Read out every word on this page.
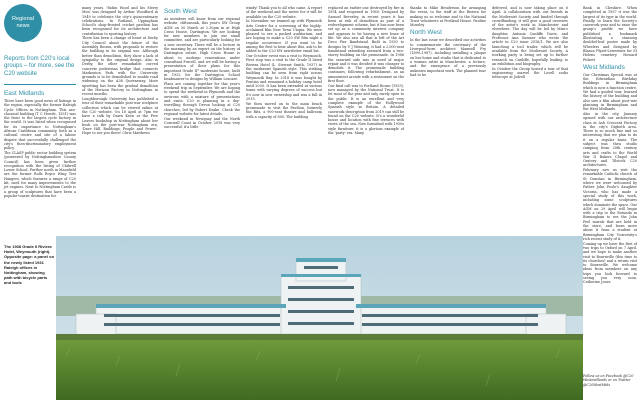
Regional
news
Reports from C20's local groups – for more, see the C20 website
East Midlands

There have been good news of listings in the region, especially the former Raleigh Cycle Offices in Nottingham. This neo-classical building (T C Howitt, 1931) was the front to the largest cycle factory in the world. It was listed when recognised for its importance to Nottingham's African Caribbean community, both as a cultural centre and site of a labour dispute that successfully challenged the city's then-discriminatory employment policy.

The CLASP public sector building system (pioneered by Nottinghamshire County Council) has been given further recognition with the listing of Chilwell Lower School. Further north in Mansfield are the former Rolls Royce Wing Test Hangers, which features a range of C20 kit, used for many improvements to the jet engines. Next to Nottingham Castle is a group of sculptures that have been a popular tourist destination for

The 1938 Grade II Riviera Hotel, Weymouth (right). Opposite page: a panel on the newly listed 1931 Raleigh offices in Nottingham, showing path with bicycle parts and tools

many years. 'Robin Hood and his Merry Men' was designed by Arthur Woodford in 1949 to celebrate the city's quincentenary celebrations. In Rutland, Uppingham School's shop-fronted cricket pavilion has been recognised for its architecture and contribution to sporting history.

There has been a change of heart at Derby City Council about the future of the Assembly Rooms, with proposals to restore the building to its original use. Although better than demolition, they show a lack of sympathy to the original design. Also in Derby, the other remarkable curved concrete pedestrian bridge that connects Markeaton Park with the University grounds is to be demolished to enable road widening on the A38 Queensway. More upsetting has been the gradual demolition of the Horizon Factory in Nottingham in recent months.

Loughborough University has published a tour of their remarkable post-war sculpture collection which can be viewed online at the C20 website. On 18 April at 7pm we have a talk by Dawn Keen at the Five Leaves bookshop in Nottingham about her book on the post-war Nottingham era, 'Dave Hill, Buildings, People and Power'. Hope to see you there! Chris Matthews

South West

As members will know from our regional website, cliftonsoak, this year's SW Group AGM on 30 March at 2.30pm in at High Cross House, Dartington. We are looking for new members to join our small committee, and are particularly looking for a new secretary. There will be a lecture in the morning by an expert on the history of Dartington estate. High Cross House is about to undergo renovations under consultant Purcell, and we will be having a presentation of their plans for this important Grade II* modernist house, built in 1932 for the Dartington School headmaster to designs by William Lescaze.

Plans are coming together for this year's weekend trip in September. We are hoping to spend the weekend in Plymouth and the environs with a mixture of presentations and visits. C20 is planning in a day-travelling through Devon looking at C20 churches, led by Robert Drake. Check the regional website for latest details.

Our weekend in Newquay and the North Cornwall Coast in October 2018 was very successful, if a little

windy! Thank you to all who came. A report of the weekend and the meter for it will be available on the C20 website.

In November we teamed up with Plymouth Arts Centre for a screening of the highly-acclaimed film New Town Utopia. We were pleased to see a packed auditorium, and are hoping to make a C20 SW film night a regular occurrence. If you want to be among the first to hear about this, ask to be added to the C20 SW newsletter email list.

Our October event was a visit to Weymouth. First stop was a visit to the Grade II listed Riviera Hotel (L. Stewart Smith, 1937) in the modernist Spanish style. This striking building can be seen from right across Weymouth Bay. In 2018 it was bought by Pontins and remained a holiday camp hotel until 2000. It has been extended at various times with varying degrees of success but it's now in new ownership and was a full in 2015.

We then moved on to the main beach promenade to visit the Pavilion, formerly the Ritz, a 900-seat theatre and ballroom with a capacity of 800. The building

replaced an earlier one destroyed by fire in 1954 and reopened in 1960. Designed by Samuel Beverley, in recent years it has been at risk of demolition as part of a redevelopment scheme, but it has now been set up as a community interest company and appears to be having a new lease of life. We also saw all that is left of the Art Deco Pier Bandstand. Built in 1939 to designs by V J Wenning, it had a 2,000-seat bandstand extending seaward from a two-storey building on the promenade. In 1986 the seaward side was in need of major repair and it was decided it was cheaper to demolish it. The promenade building continues, following refurbishment, as an amusement arcade with a restaurant on the first floor.

Our final call was to Portland House (1935), now managed by the National Trust. It is let most of the year and only rarely open to the public. It is an excellent and very complete example of the Hollywood Spanish style in Britain. A detailed casework description from 2019 can still be found on the C20 website. It's a wonderful house and location with fine terraces with views of the sea. Now furnished with 1930s style furniture, it is a glorious example of the 'party' era. Many

thanks to Mike Henderson for arranging the event, to the staff at the Riviera for making us so welcome and to the National Trust volunteers at Portland House. Pauline Moseley

North West

In the last issue we described our activities to commemorate the centenary of the Liverpool-born architect Maxwell Fry (1899–1987), including installing a plaque on her home and studio that is dedicated to a woman artist in Manchester, a lecture, and the emergence of a previously unknown important work. The planned tour had to be

deferred, and is now taking place on 6 April. A collaboration with our friends in the Modernist Society and funded through crowdfunding, it will give a good overview of the artist's work in Manchester and elsewhere. The day will be led by Mira's daughter, Antonia Cunliffe Davis, and Professor Ann Sumner who wrote the article in C20 issue 2016/1. We are also launching a tool trailer, which will be available from the Modernist Society. A working party is being set up to further research on Cunliffe, hopefully leading to an exhibition and biography.

In October the Group hosted a tour of that engineering marvel the Lovell radio telescope at Jodrell

Bank in Cheshire. When completed in 1957 it was the largest of its type in the world. Finally, to learn the Society's casework year and to raise the group's profile we have published a bookmark illustrating a stunning doubled-leaf poster made by Wheelers and designed by Blanca Plyatt-Lewerentz for St Helens cemetery. Howard Pickett

West Midlands

Our Christmas Special was at the Edwardian Birthday Buildings in Birmingham which is now a function centre. We had a guided tour, learned the history of the building and also saw a film about post-war planning in Birmingham and the West Midlands.

Also in the city, January opened with our architecture class at Ash Crescent Factory in the city's Digbeth area. There is so much fine and so interesting that we plan to do it on a regular basis. The subject was then studio camping from 20th century arts and crafts to the World War II Bakers Chapel and Oratory and Tilstock C20 architectures.

February saw us visit the remarkable Catholic church of St Dunstan in Birmingham, where we were welcomed by Father John Poole's daughter Victoria, who has made a special study of this work, including some sculptures which dominate the space. Our AGM on 29 April will begin with a trip to the Rotunda in Birmingham to see the John Peel murals that are held in the store, and learn more about it from a student at Birmingham City University's rich recent study of it.

Coming up we have the first of two trips to Oxford on 7 April, and we hope to make another visit to Bournville (this time to its churches) and a return visit to Bournville. We welcome ideas from members on any trips you look forward to seeing you very soon. Catherine Jones

Follow us on Facebook @C20 Westmidlands or on Twitter @C20WestMids
